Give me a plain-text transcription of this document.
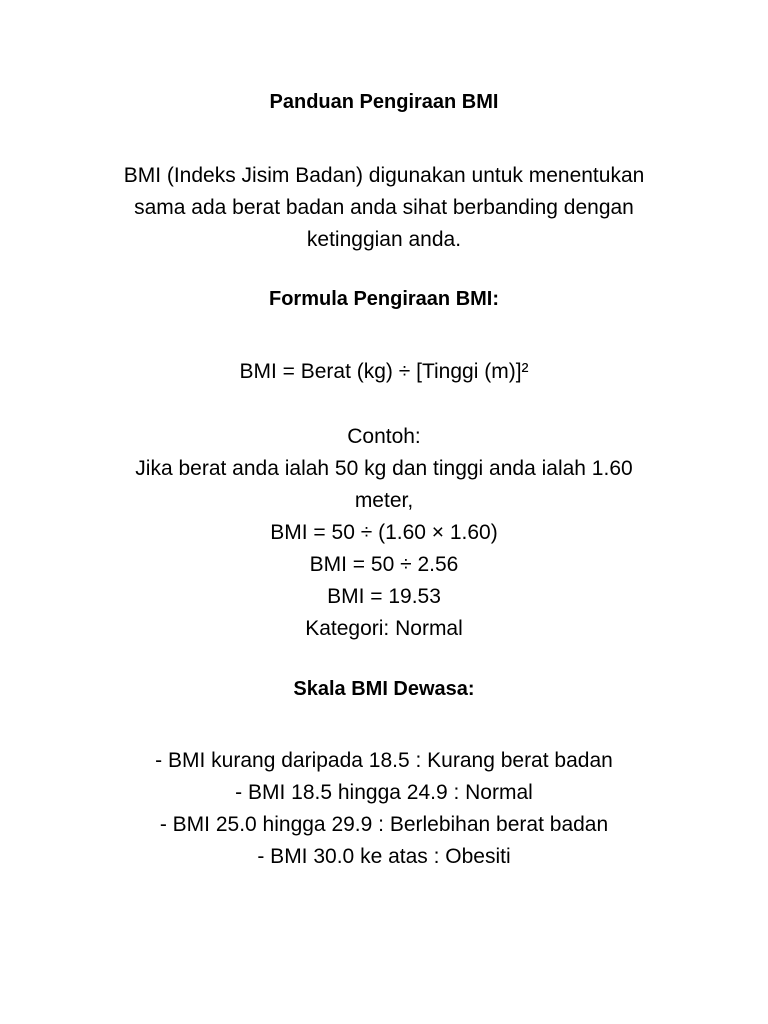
Panduan Pengiraan BMI
BMI (Indeks Jisim Badan) digunakan untuk menentukan
sama ada berat badan anda sihat berbanding dengan
ketinggian anda.
Formula Pengiraan BMI:
BMI = Berat (kg) ÷ [Tinggi (m)]²
Contoh:
Jika berat anda ialah 50 kg dan tinggi anda ialah 1.60
meter,
BMI = 50 ÷ (1.60 × 1.60)
BMI = 50 ÷ 2.56
BMI = 19.53
Kategori: Normal
Skala BMI Dewasa:
- BMI kurang daripada 18.5 : Kurang berat badan
- BMI 18.5 hingga 24.9 : Normal
- BMI 25.0 hingga 29.9 : Berlebihan berat badan
- BMI 30.0 ke atas : Obesiti
